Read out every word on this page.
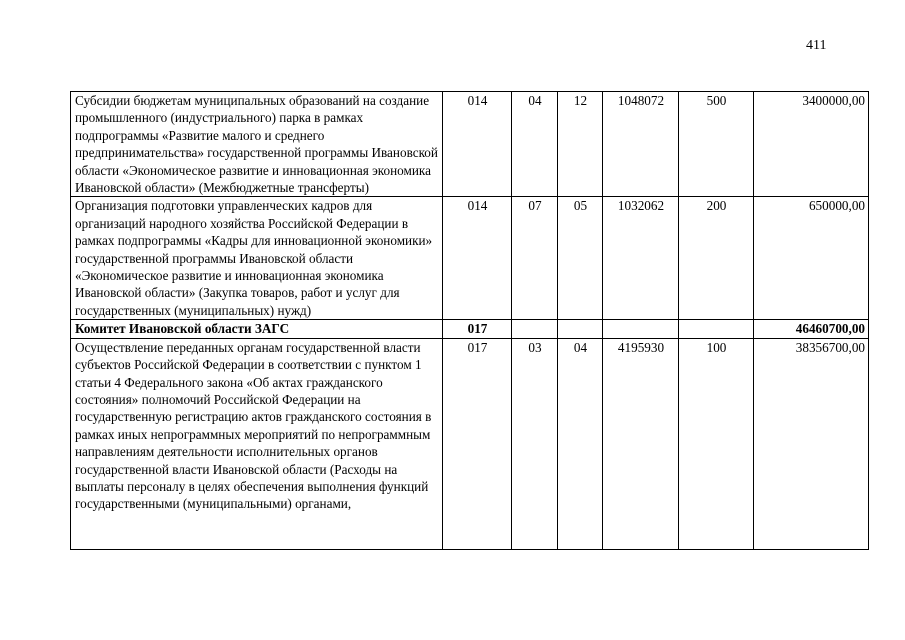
411
Субсидии бюджетам муниципальных образований на создание промышленного (индустриального) парка в рамках подпрограммы «Развитие малого и среднего предпринимательства» государственной программы Ивановской области «Экономическое развитие и инновационная экономика Ивановской области» (Межбюджетные трансферты)	014	04	12	1048072	500	3400000,00
Организация подготовки управленческих кадров для организаций народного хозяйства Российской Федерации в рамках подпрограммы «Кадры для инновационной экономики» государственной программы Ивановской области «Экономическое развитие и инновационная экономика Ивановской области» (Закупка товаров, работ и услуг для государственных (муниципальных) нужд)	014	07	05	1032062	200	650000,00
Комитет Ивановской области ЗАГС	017					46460700,00
Осуществление переданных органам государственной власти субъектов Российской Федерации в соответствии с пунктом 1 статьи 4 Федерального закона «Об актах гражданского состояния» полномочий Российской Федерации на государственную регистрацию актов гражданского состояния в рамках иных непрограммных мероприятий по непрограммным направлениям деятельности исполнительных органов государственной власти Ивановской области (Расходы на выплаты персоналу в целях обеспечения выполнения функций государственными (муниципальными) органами,	017	03	04	4195930	100	38356700,00
